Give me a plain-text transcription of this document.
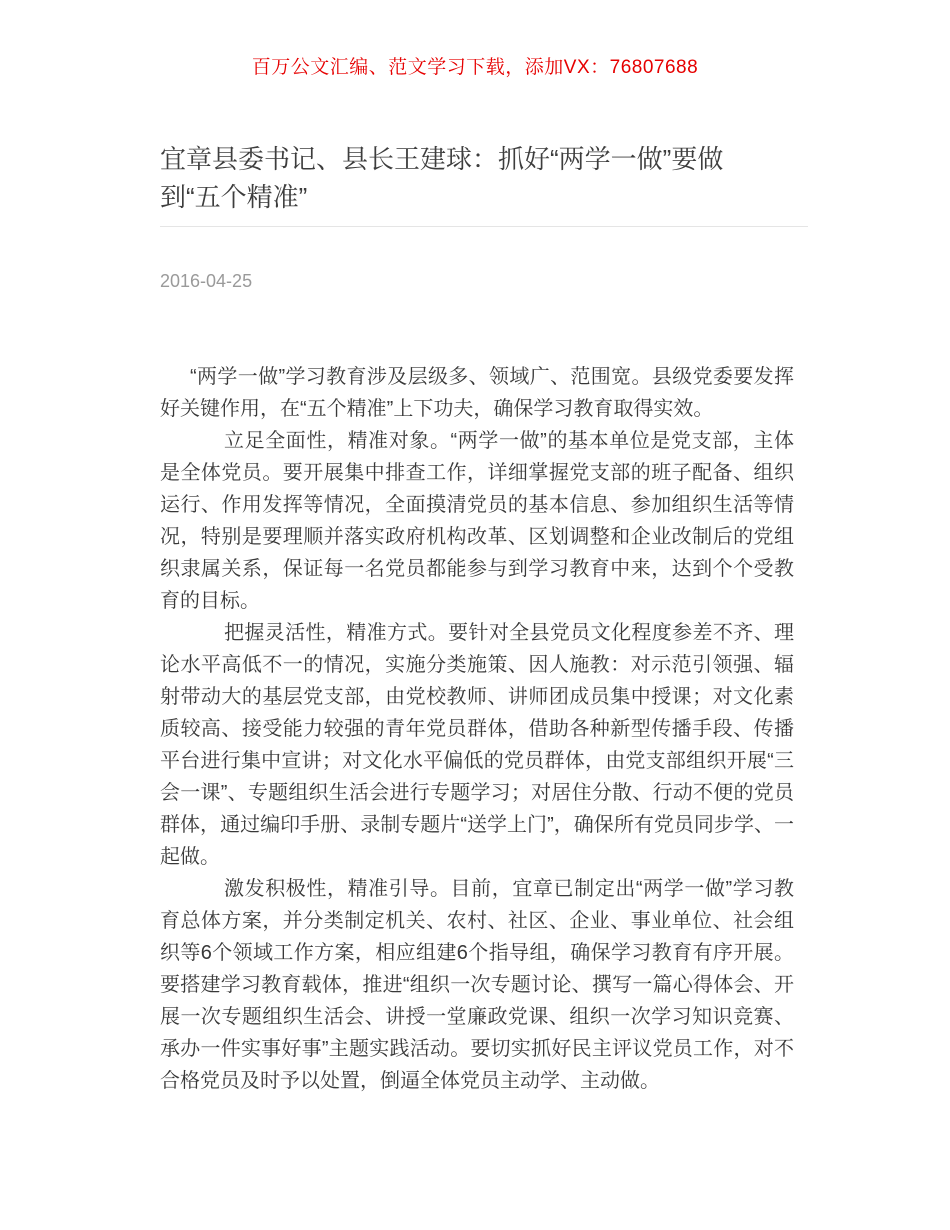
百万公文汇编、范文学习下载，添加VX：76807688
宜章县委书记、县长王建球：抓好“两学一做”要做到“五个精准”
2016-04-25

“两学一做”学习教育涉及层级多、领域广、范围宽。县级党委要发挥好关键作用，在“五个精准”上下功夫，确保学习教育取得实效。

立足全面性，精准对象。“两学一做”的基本单位是党支部，主体是全体党员。要开展集中排查工作，详细掌握党支部的班子配备、组织运行、作用发挥等情况，全面摸清党员的基本信息、参加组织生活等情况，特别是要理顺并落实政府机构改革、区划调整和企业改制后的党组织隶属关系，保证每一名党员都能参与到学习教育中来，达到个个受教育的目标。

把握灵活性，精准方式。要针对全县党员文化程度参差不齐、理论水平高低不一的情况，实施分类施策、因人施教：对示范引领强、辐射带动大的基层党支部，由党校教师、讲师团成员集中授课；对文化素质较高、接受能力较强的青年党员群体，借助各种新型传播手段、传播平台进行集中宣讲；对文化水平偏低的党员群体，由党支部组织开展“三会一课”、专题组织生活会进行专题学习；对居住分散、行动不便的党员群体，通过编印手册、录制专题片“送学上门”，确保所有党员同步学、一起做。

激发积极性，精准引导。目前，宜章已制定出“两学一做”学习教育总体方案，并分类制定机关、农村、社区、企业、事业单位、社会组织等6个领域工作方案，相应组建6个指导组，确保学习教育有序开展。要搭建学习教育载体，推进“组织一次专题讨论、撰写一篇心得体会、开展一次专题组织生活会、讲授一堂廉政党课、组织一次学习知识竞赛、承办一件实事好事”主题实践活动。要切实抓好民主评议党员工作，对不合格党员及时予以处置，倒逼全体党员主动学、主动做。
